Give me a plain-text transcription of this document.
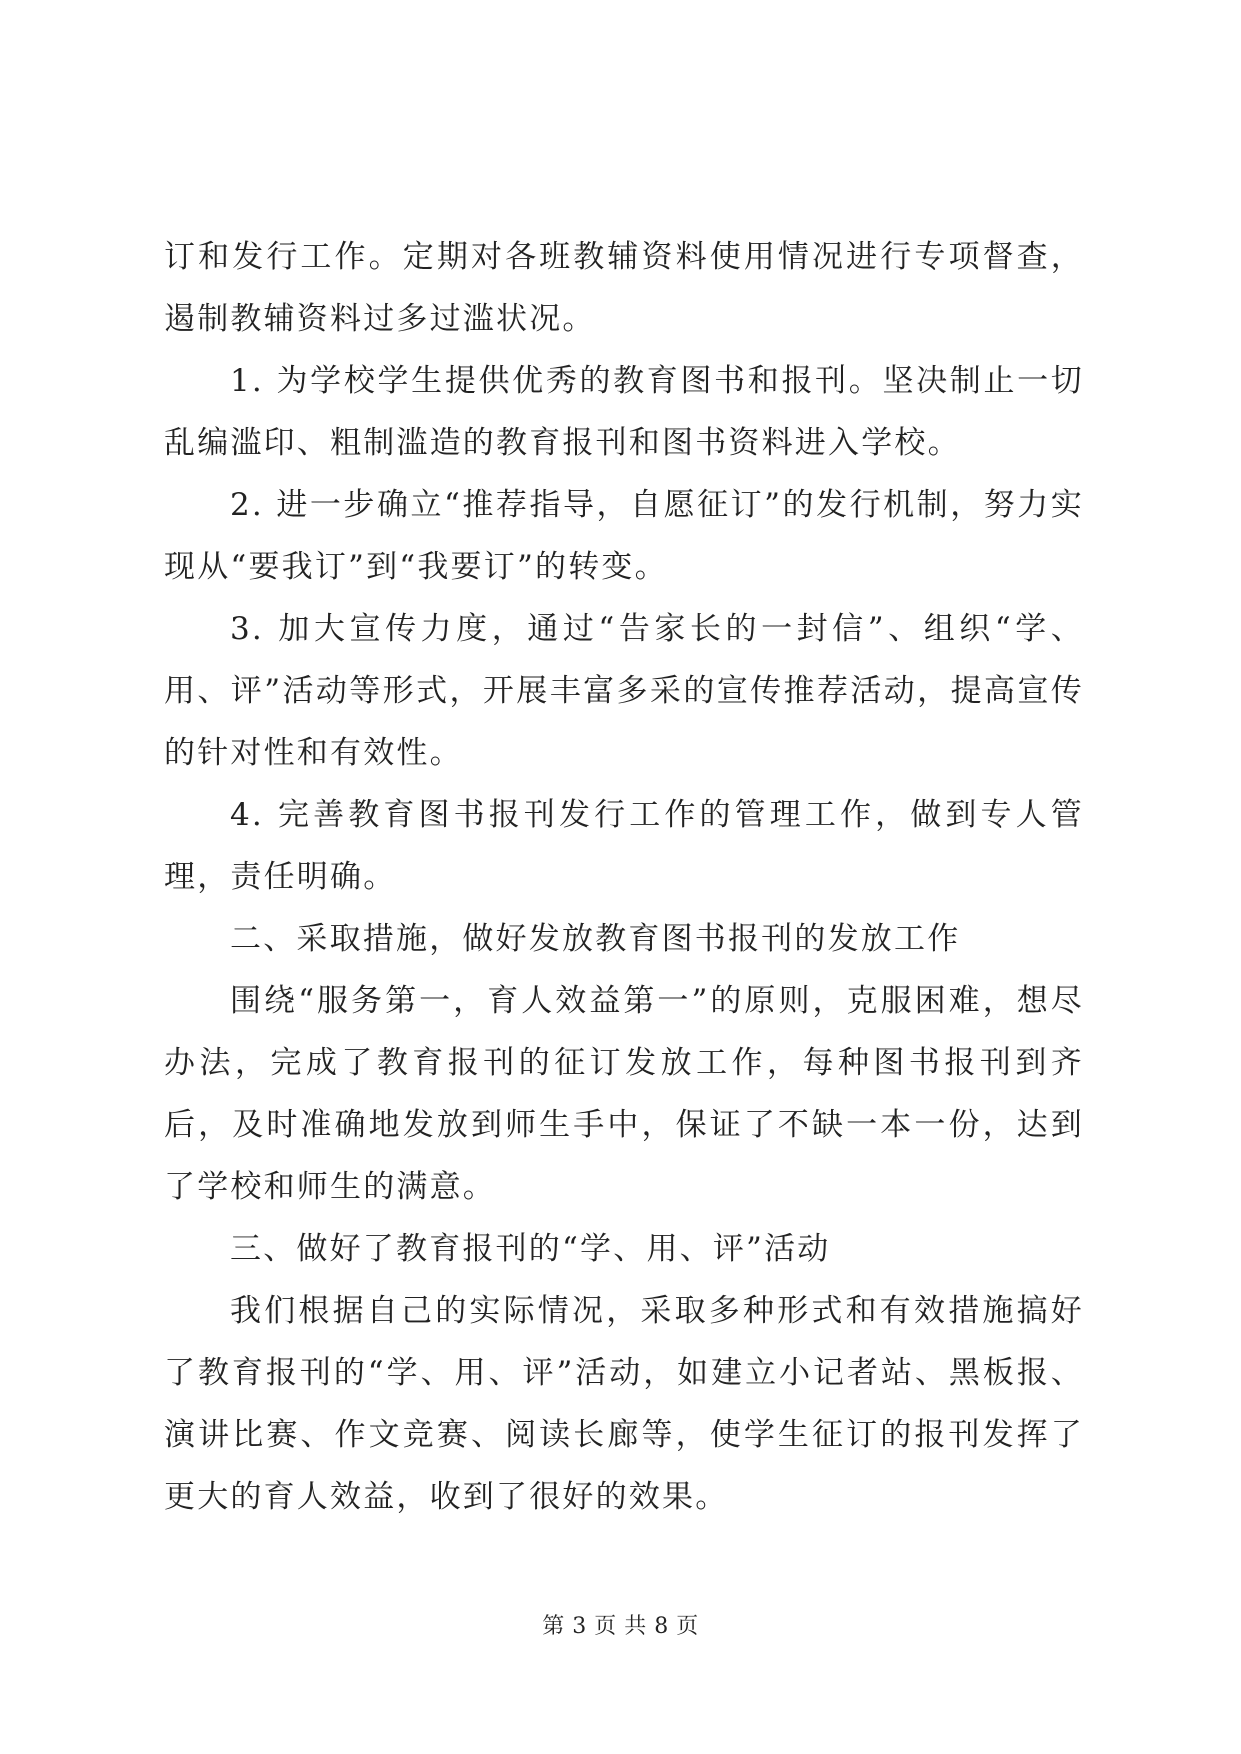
订和发行工作。定期对各班教辅资料使用情况进行专项督查，遏制教辅资料过多过滥状况。

1. 为学校学生提供优秀的教育图书和报刊。坚决制止一切乱编滥印、粗制滥造的教育报刊和图书资料进入学校。

2. 进一步确立“推荐指导，自愿征订”的发行机制，努力实现从“要我订”到“我要订”的转变。

3. 加大宣传力度，通过“告家长的一封信”、组织“学、用、评”活动等形式，开展丰富多采的宣传推荐活动，提高宣传的针对性和有效性。

4. 完善教育图书报刊发行工作的管理工作，做到专人管理，责任明确。

二、采取措施，做好发放教育图书报刊的发放工作

围绕“服务第一，育人效益第一”的原则，克服困难，想尽办法，完成了教育报刊的征订发放工作，每种图书报刊到齐后，及时准确地发放到师生手中，保证了不缺一本一份，达到了学校和师生的满意。

三、做好了教育报刊的“学、用、评”活动

我们根据自己的实际情况，采取多种形式和有效措施搞好了教育报刊的“学、用、评”活动，如建立小记者站、黑板报、演讲比赛、作文竞赛、阅读长廊等，使学生征订的报刊发挥了更大的育人效益，收到了很好的效果。

第 3 页 共 8 页
